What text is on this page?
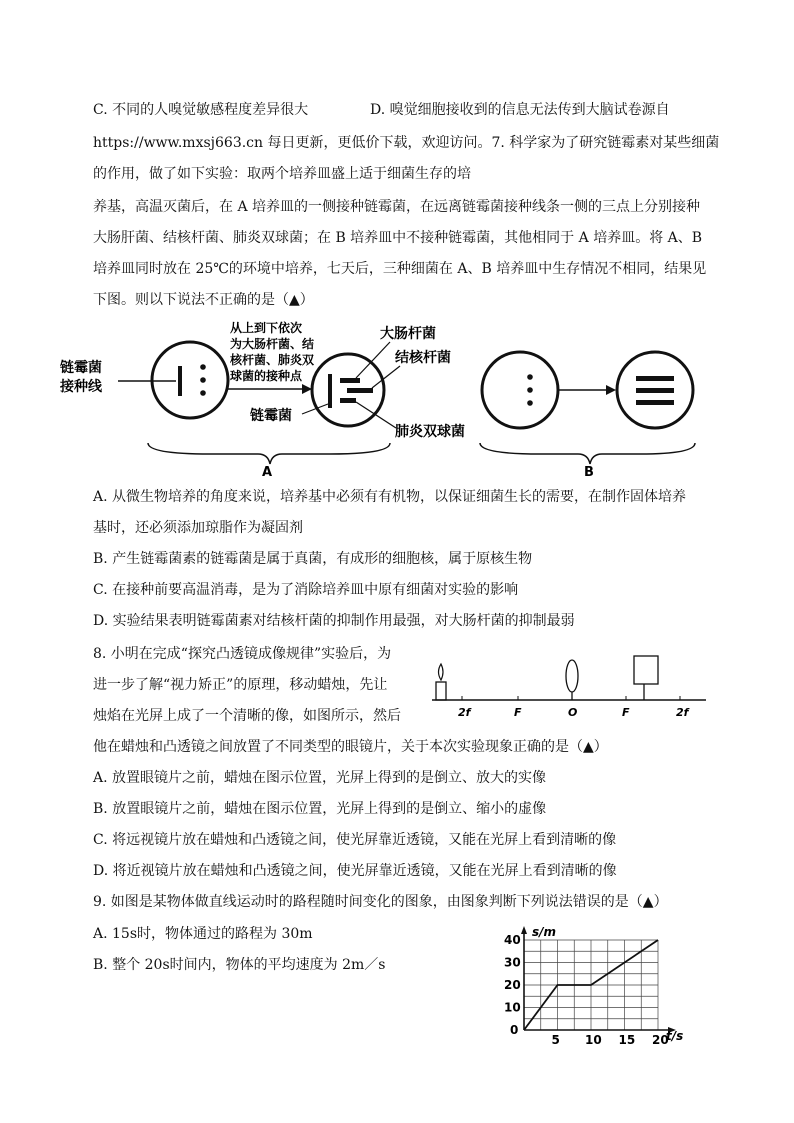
C. 不同的人嗅觉敏感程度差异很大	D. 嗅觉细胞接收到的信息无法传到大脑试卷源自
https://www.mxsj663.cn 每日更新，更低价下载，欢迎访问。7. 科学家为了研究链霉素对某些细菌
的作用，做了如下实验：取两个培养皿盛上适于细菌生存的培
养基，高温灭菌后，在 A 培养皿的一侧接种链霉菌，在远离链霉菌接种线条一侧的三点上分别接种
大肠肝菌、结核杆菌、肺炎双球菌；在 B 培养皿中不接种链霉菌，其他相同于 A 培养皿。将 A、B
培养皿同时放在 25℃的环境中培养，七天后，三种细菌在 A、B 培养皿中生存情况不相同，结果见
下图。则以下说法不正确的是（▲）
链霉菌
接种线
从上到下依次
为大肠杆菌、结
核杆菌、肺炎双
球菌的接种点
链霉菌
大肠杆菌
结核杆菌
肺炎双球菌
A	B
A. 从微生物培养的角度来说，培养基中必须有有机物，以保证细菌生长的需要，在制作固体培养
基时，还必须添加琼脂作为凝固剂
B. 产生链霉菌素的链霉菌是属于真菌，有成形的细胞核，属于原核生物
C. 在接种前要高温消毒，是为了消除培养皿中原有细菌对实验的影响
D. 实验结果表明链霉菌素对结核杆菌的抑制作用最强，对大肠杆菌的抑制最弱
8. 小明在完成“探究凸透镜成像规律”实验后，为
进一步了解“视力矫正”的原理，移动蜡烛，先让
烛焰在光屏上成了一个清晰的像，如图所示，然后	2f	F	O	F	2f
他在蜡烛和凸透镜之间放置了不同类型的眼镜片，关于本次实验现象正确的是（▲）
A. 放置眼镜片之前，蜡烛在图示位置，光屏上得到的是倒立、放大的实像
B. 放置眼镜片之前，蜡烛在图示位置，光屏上得到的是倒立、缩小的虚像
C. 将远视镜片放在蜡烛和凸透镜之间，使光屏靠近透镜，又能在光屏上看到清晰的像
D. 将近视镜片放在蜡烛和凸透镜之间，使光屏靠近透镜，又能在光屏上看到清晰的像
9. 如图是某物体做直线运动时的路程随时间变化的图象，由图象判断下列说法错误的是（▲）
A. 15s时，物体通过的路程为 30m
B. 整个 20s时间内，物体的平均速度为 2m／s
0
5 10 15 20
10
20
30
40
s/m
t/s
